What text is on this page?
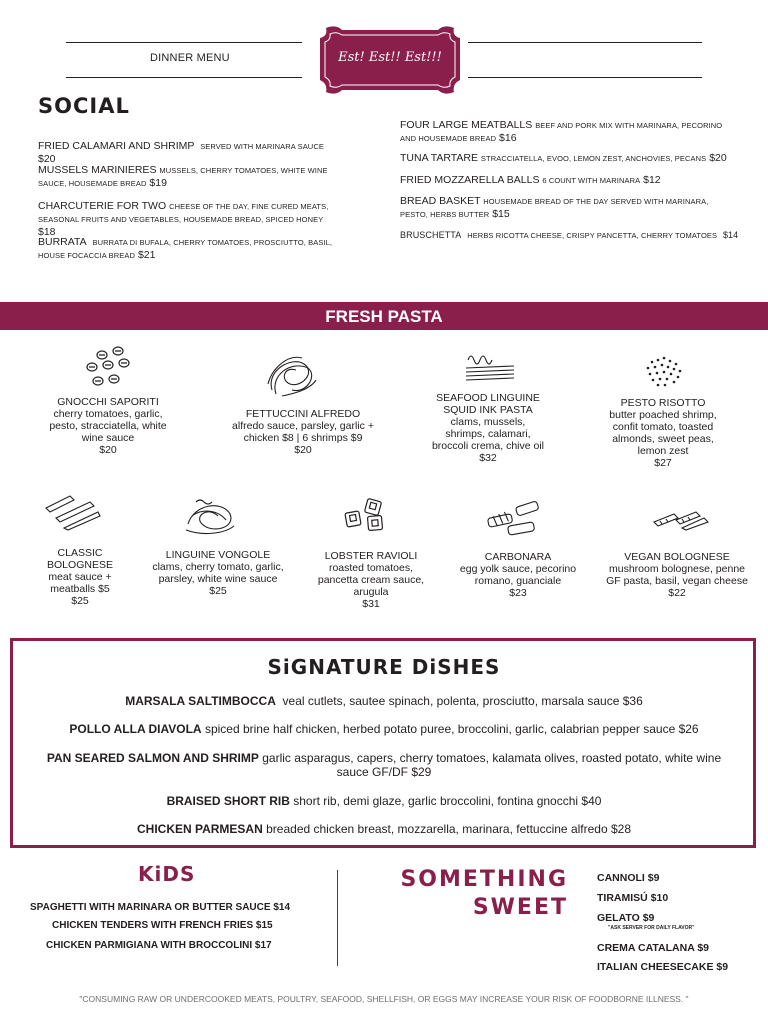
DINNER MENU	Est! Est!! Est!!!
SOCIAL
FRIED CALAMARI AND SHRIMP SERVED WITH MARINARA SAUCE $20
MUSSELS MARINIERES MUSSELS, CHERRY TOMATOES, WHITE WINE SAUCE, HOUSEMADE BREAD $19
CHARCUTERIE FOR TWO CHEESE OF THE DAY, FINE CURED MEATS, SEASONAL FRUITS AND VEGETABLES, HOUSEMADE BREAD, SPICED HONEY $18
BURRATA BURRATA DI BUFALA, CHERRY TOMATOES, PROSCIUTTO, BASIL, HOUSE FOCACCIA BREAD $21
FOUR LARGE MEATBALLS BEEF AND PORK MIX WITH MARINARA, PECORINO AND HOUSEMADE BREAD $16
TUNA TARTARE STRACCIATELLA, EVOO, LEMON ZEST, ANCHOVIES, PECANS $20
FRIED MOZZARELLA BALLS 6 COUNT WITH MARINARA $12
BREAD BASKET HOUSEMADE BREAD OF THE DAY SERVED WITH MARINARA, PESTO, HERBS BUTTER $15
BRUSCHETTA HERBS RICOTTA CHEESE, CRISPY PANCETTA, CHERRY TOMATOES $14
FRESH PASTA
GNOCCHI SAPORITI
cherry tomatoes, garlic, pesto, stracciatella, white wine sauce
$20
FETTUCCINI ALFREDO
alfredo sauce, parsley, garlic + chicken $8 | 6 shrimps $9
$20
SEAFOOD LINGUINE SQUID INK PASTA
clams, mussels, shrimps, calamari, broccoli crema, chive oil
$32
PESTO RISOTTO
butter poached shrimp, confit tomato, toasted almonds, sweet peas, lemon zest
$27
CLASSIC BOLOGNESE
meat sauce + meatballs $5
$25
LINGUINE VONGOLE
clams, cherry tomato, garlic, parsley, white wine sauce
$25
LOBSTER RAVIOLI
roasted tomatoes, pancetta cream sauce, arugula
$31
CARBONARA
egg yolk sauce, pecorino romano, guanciale
$23
VEGAN BOLOGNESE
mushroom bolognese, penne GF pasta, basil, vegan cheese
$22
SiGNATURE DiSHES
MARSALA SALTIMBOCCA veal cutlets, sautee spinach, polenta, prosciutto, marsala sauce $36
POLLO ALLA DIAVOLA spiced brine half chicken, herbed potato puree, broccolini, garlic, calabrian pepper sauce $26
PAN SEARED SALMON AND SHRIMP garlic asparagus, capers, cherry tomatoes, kalamata olives, roasted potato, white wine sauce GF/DF $29
BRAISED SHORT RIB short rib, demi glaze, garlic broccolini, fontina gnocchi $40
CHICKEN PARMESAN breaded chicken breast, mozzarella, marinara, fettuccine alfredo $28
KiDS
SPAGHETTI WITH MARINARA OR BUTTER SAUCE $14
CHICKEN TENDERS WITH FRENCH FRIES $15
CHICKEN PARMIGIANA WITH BROCCOLINI $17
SOMETHING
SWEET
CANNOLI $9
TIRAMISÚ $10
GELATO $9
"ASK SERVER FOR DAILY FLAVOR"
CREMA CATALANA $9
ITALIAN CHEESECAKE $9
"CONSUMING RAW OR UNDERCOOKED MEATS, POULTRY, SEAFOOD, SHELLFISH, OR EGGS MAY INCREASE YOUR RISK OF FOODBORNE ILLNESS. "
